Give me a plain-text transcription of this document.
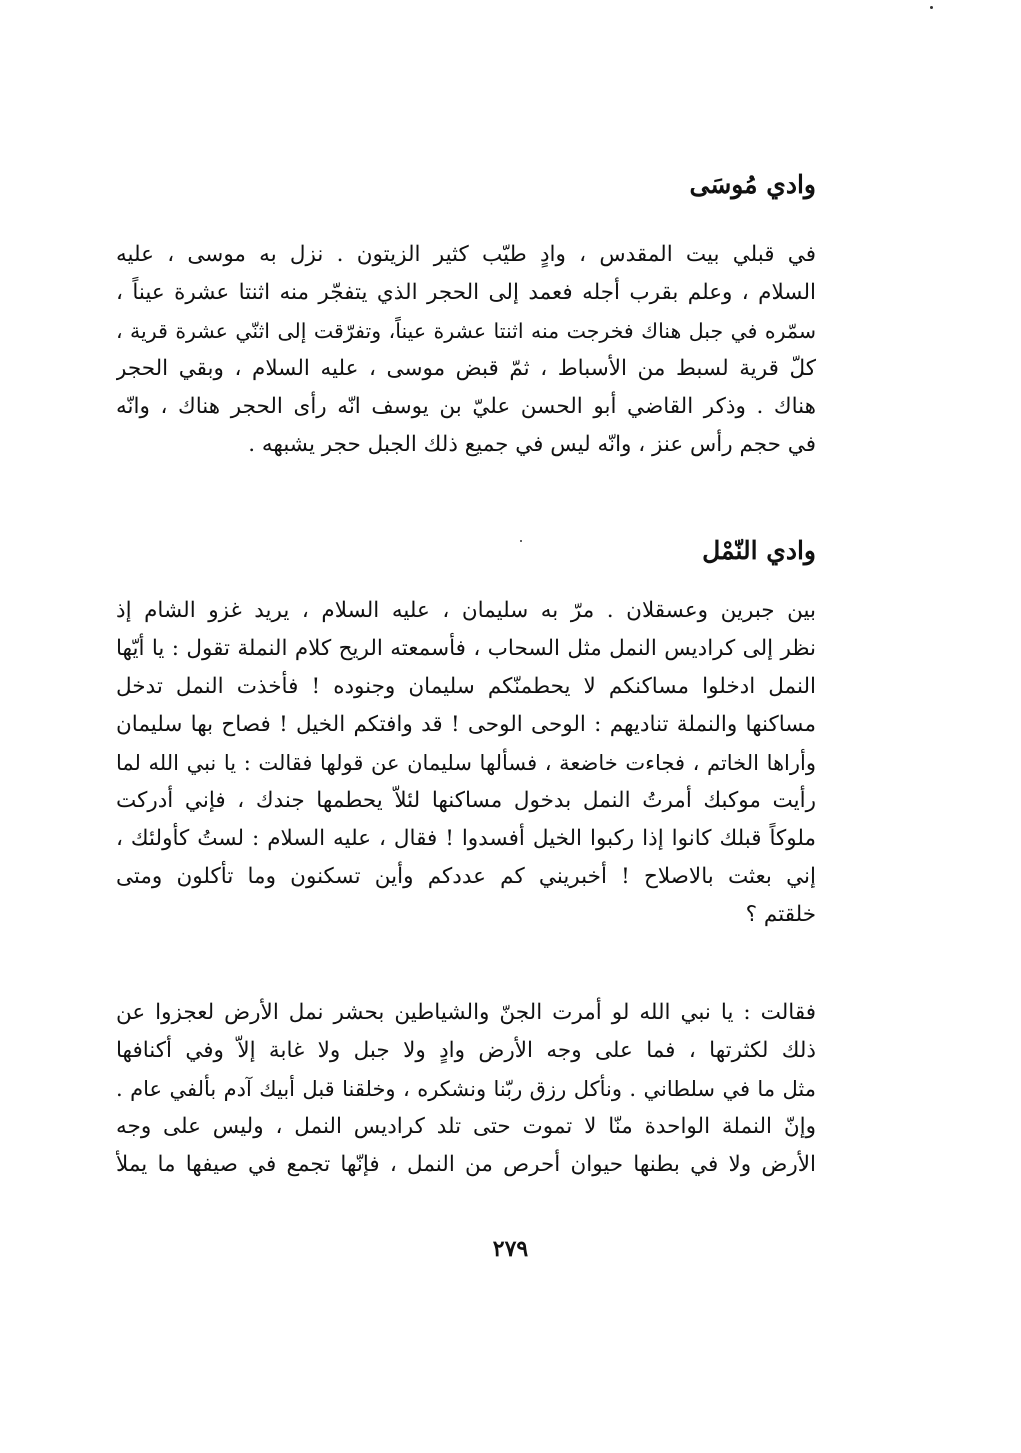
وادي مُوسَى
في قبلي بيت المقدس ، وادٍ طيّب كثير الزيتون . نزل به موسى ، عليه
السلام ، وعلم بقرب أجله فعمد إلى الحجر الذي يتفجّر منه اثنتا عشرة عيناً ،
سمّره في جبل هناك فخرجت منه اثنتا عشرة عيناً، وتفرّقت إلى اثنّي عشرة قرية ،
كلّ قرية لسبط من الأسباط ، ثمّ قبض موسى ، عليه السلام ، وبقي الحجر
هناك . وذكر القاضي أبو الحسن عليّ بن يوسف انّه رأى الحجر هناك ، وانّه
في حجم رأس عنز ، وانّه ليس في جميع ذلك الجبل حجر يشبهه .
وادي النّمْل
بين جبرين وعسقلان . مرّ به سليمان ، عليه السلام ، يريد غزو الشام إذ
نظر إلى كراديس النمل مثل السحاب ، فأسمعته الريح كلام النملة تقول : يا أيّها
النمل ادخلوا مساكنكم لا يحطمنّكم سليمان وجنوده ! فأخذت النمل تدخل
مساكنها والنملة تناديهم : الوحى الوحى ! قد وافتكم الخيل ! فصاح بها سليمان
وأراها الخاتم ، فجاءت خاضعة ، فسألها سليمان عن قولها فقالت : يا نبي الله لما
رأيت موكبك أمرتُ النمل بدخول مساكنها لئلاّ يحطمها جندك ، فإني أدركت
ملوكاً قبلك كانوا إذا ركبوا الخيل أفسدوا ! فقال ، عليه السلام : لستُ كأولئك ،
إني بعثت بالاصلاح ! أخبريني كم عددكم وأين تسكنون وما تأكلون ومتى
خلقتم ؟
فقالت : يا نبي الله لو أمرت الجنّ والشياطين بحشر نمل الأرض لعجزوا عن
ذلك لكثرتها ، فما على وجه الأرض وادٍ ولا جبل ولا غابة إلاّ وفي أكنافها
مثل ما في سلطاني . ونأكل رزق ربّنا ونشكره ، وخلقنا قبل أبيك آدم بألفي عام .
وإنّ النملة الواحدة منّا لا تموت حتى تلد كراديس النمل ، وليس على وجه
الأرض ولا في بطنها حيوان أحرص من النمل ، فإنّها تجمع في صيفها ما يملأ
٢٧٩
